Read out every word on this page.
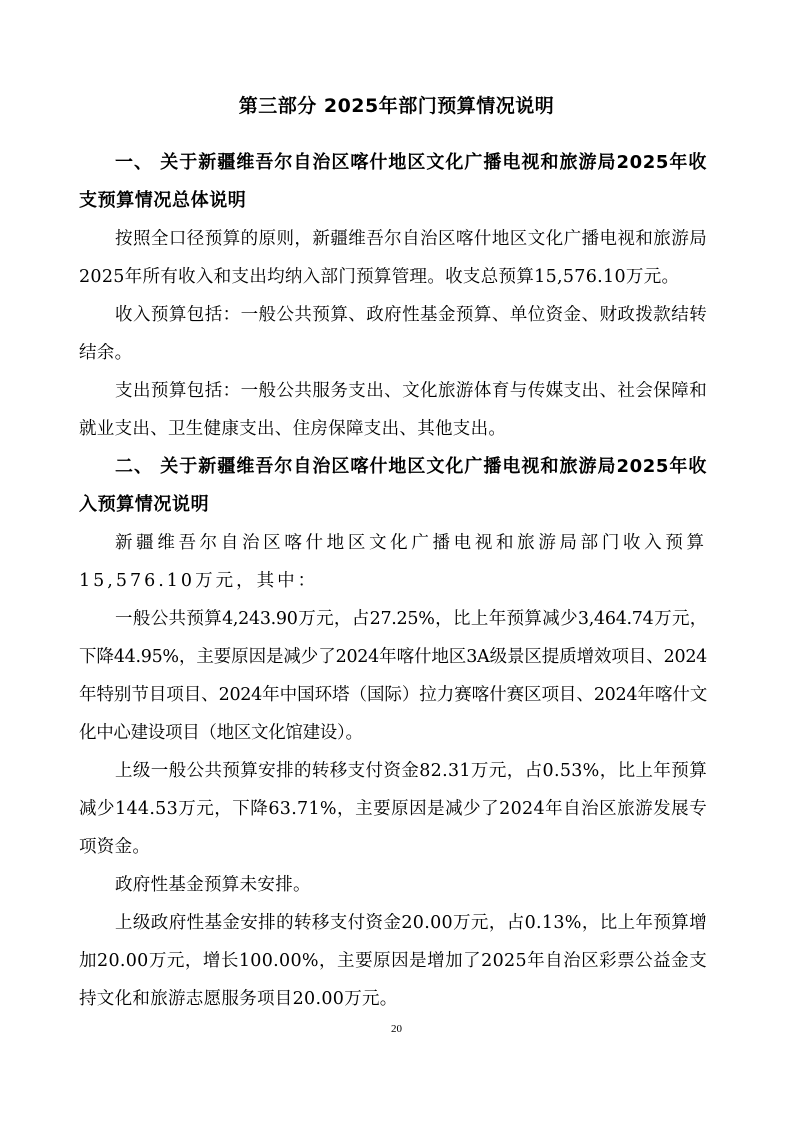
第三部分 2025年部门预算情况说明

一、 关于新疆维吾尔自治区喀什地区文化广播电视和旅游局2025年收支预算情况总体说明

按照全口径预算的原则，新疆维吾尔自治区喀什地区文化广播电视和旅游局2025年所有收入和支出均纳入部门预算管理。收支总预算15,576.10万元。

收入预算包括：一般公共预算、政府性基金预算、单位资金、财政拨款结转结余。

支出预算包括：一般公共服务支出、文化旅游体育与传媒支出、社会保障和就业支出、卫生健康支出、住房保障支出、其他支出。

二、 关于新疆维吾尔自治区喀什地区文化广播电视和旅游局2025年收入预算情况说明

新疆维吾尔自治区喀什地区文化广播电视和旅游局部门收入预算15,576.10万元，其中：

一般公共预算4,243.90万元，占27.25%，比上年预算减少3,464.74万元，下降44.95%，主要原因是减少了2024年喀什地区3A级景区提质增效项目、2024年特别节目项目、2024年中国环塔（国际）拉力赛喀什赛区项目、2024年喀什文化中心建设项目（地区文化馆建设）。

上级一般公共预算安排的转移支付资金82.31万元，占0.53%，比上年预算减少144.53万元，下降63.71%，主要原因是减少了2024年自治区旅游发展专项资金。

政府性基金预算未安排。

上级政府性基金安排的转移支付资金20.00万元，占0.13%，比上年预算增加20.00万元，增长100.00%，主要原因是增加了2025年自治区彩票公益金支持文化和旅游志愿服务项目20.00万元。

20
